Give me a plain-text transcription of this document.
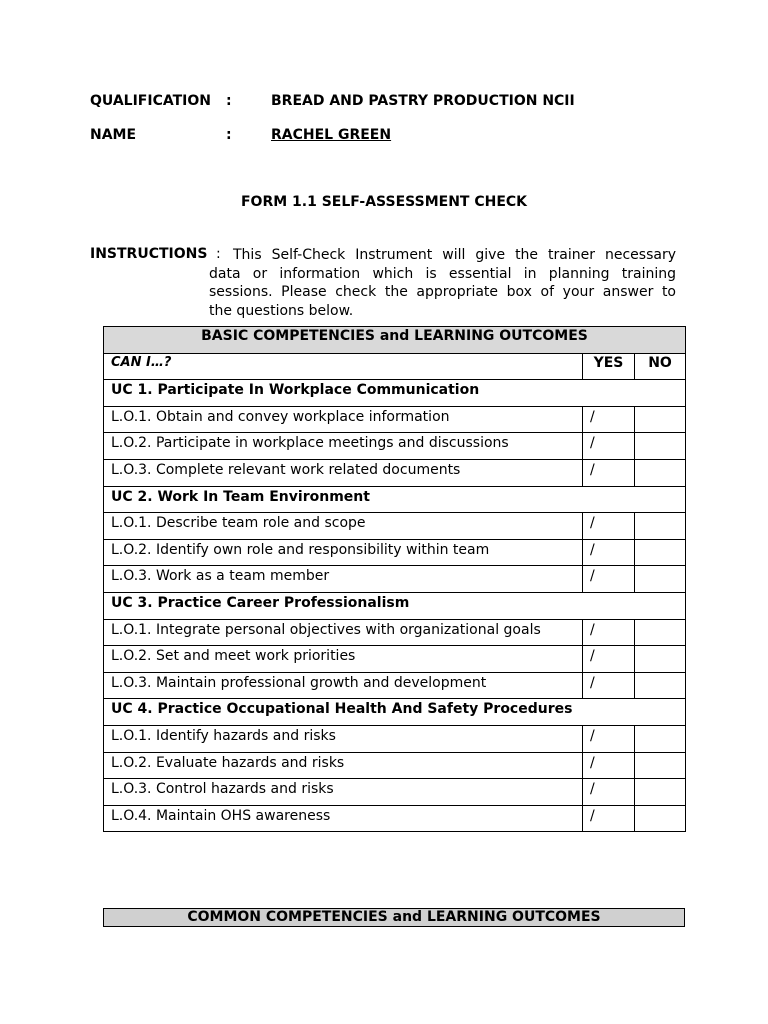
QUALIFICATION :	BREAD AND PASTRY PRODUCTION NCII
NAME	:	RACHEL GREEN
FORM 1.1 SELF-ASSESSMENT CHECK
INSTRUCTIONS : This Self-Check Instrument will give the trainer necessary
data or information which is essential in planning training
sessions. Please check the appropriate box of your answer to
the questions below.
BASIC COMPETENCIES and LEARNING OUTCOMES		
CAN I…?	YES	NO
UC 1. Participate In Workplace Communication		
L.O.1. Obtain and convey workplace information	/	
L.O.2. Participate in workplace meetings and discussions	/	
L.O.3. Complete relevant work related documents	/	
UC 2. Work In Team Environment		
L.O.1. Describe team role and scope	/	
L.O.2. Identify own role and responsibility within team	/	
L.O.3. Work as a team member	/	
UC 3. Practice Career Professionalism		
L.O.1. Integrate personal objectives with organizational goals	/	
L.O.2. Set and meet work priorities	/	
L.O.3. Maintain professional growth and development	/	
UC 4. Practice Occupational Health And Safety Procedures		
L.O.1. Identify hazards and risks	/	
L.O.2. Evaluate hazards and risks	/	
L.O.3. Control hazards and risks	/	
L.O.4. Maintain OHS awareness	/	
COMMON COMPETENCIES and LEARNING OUTCOMES
